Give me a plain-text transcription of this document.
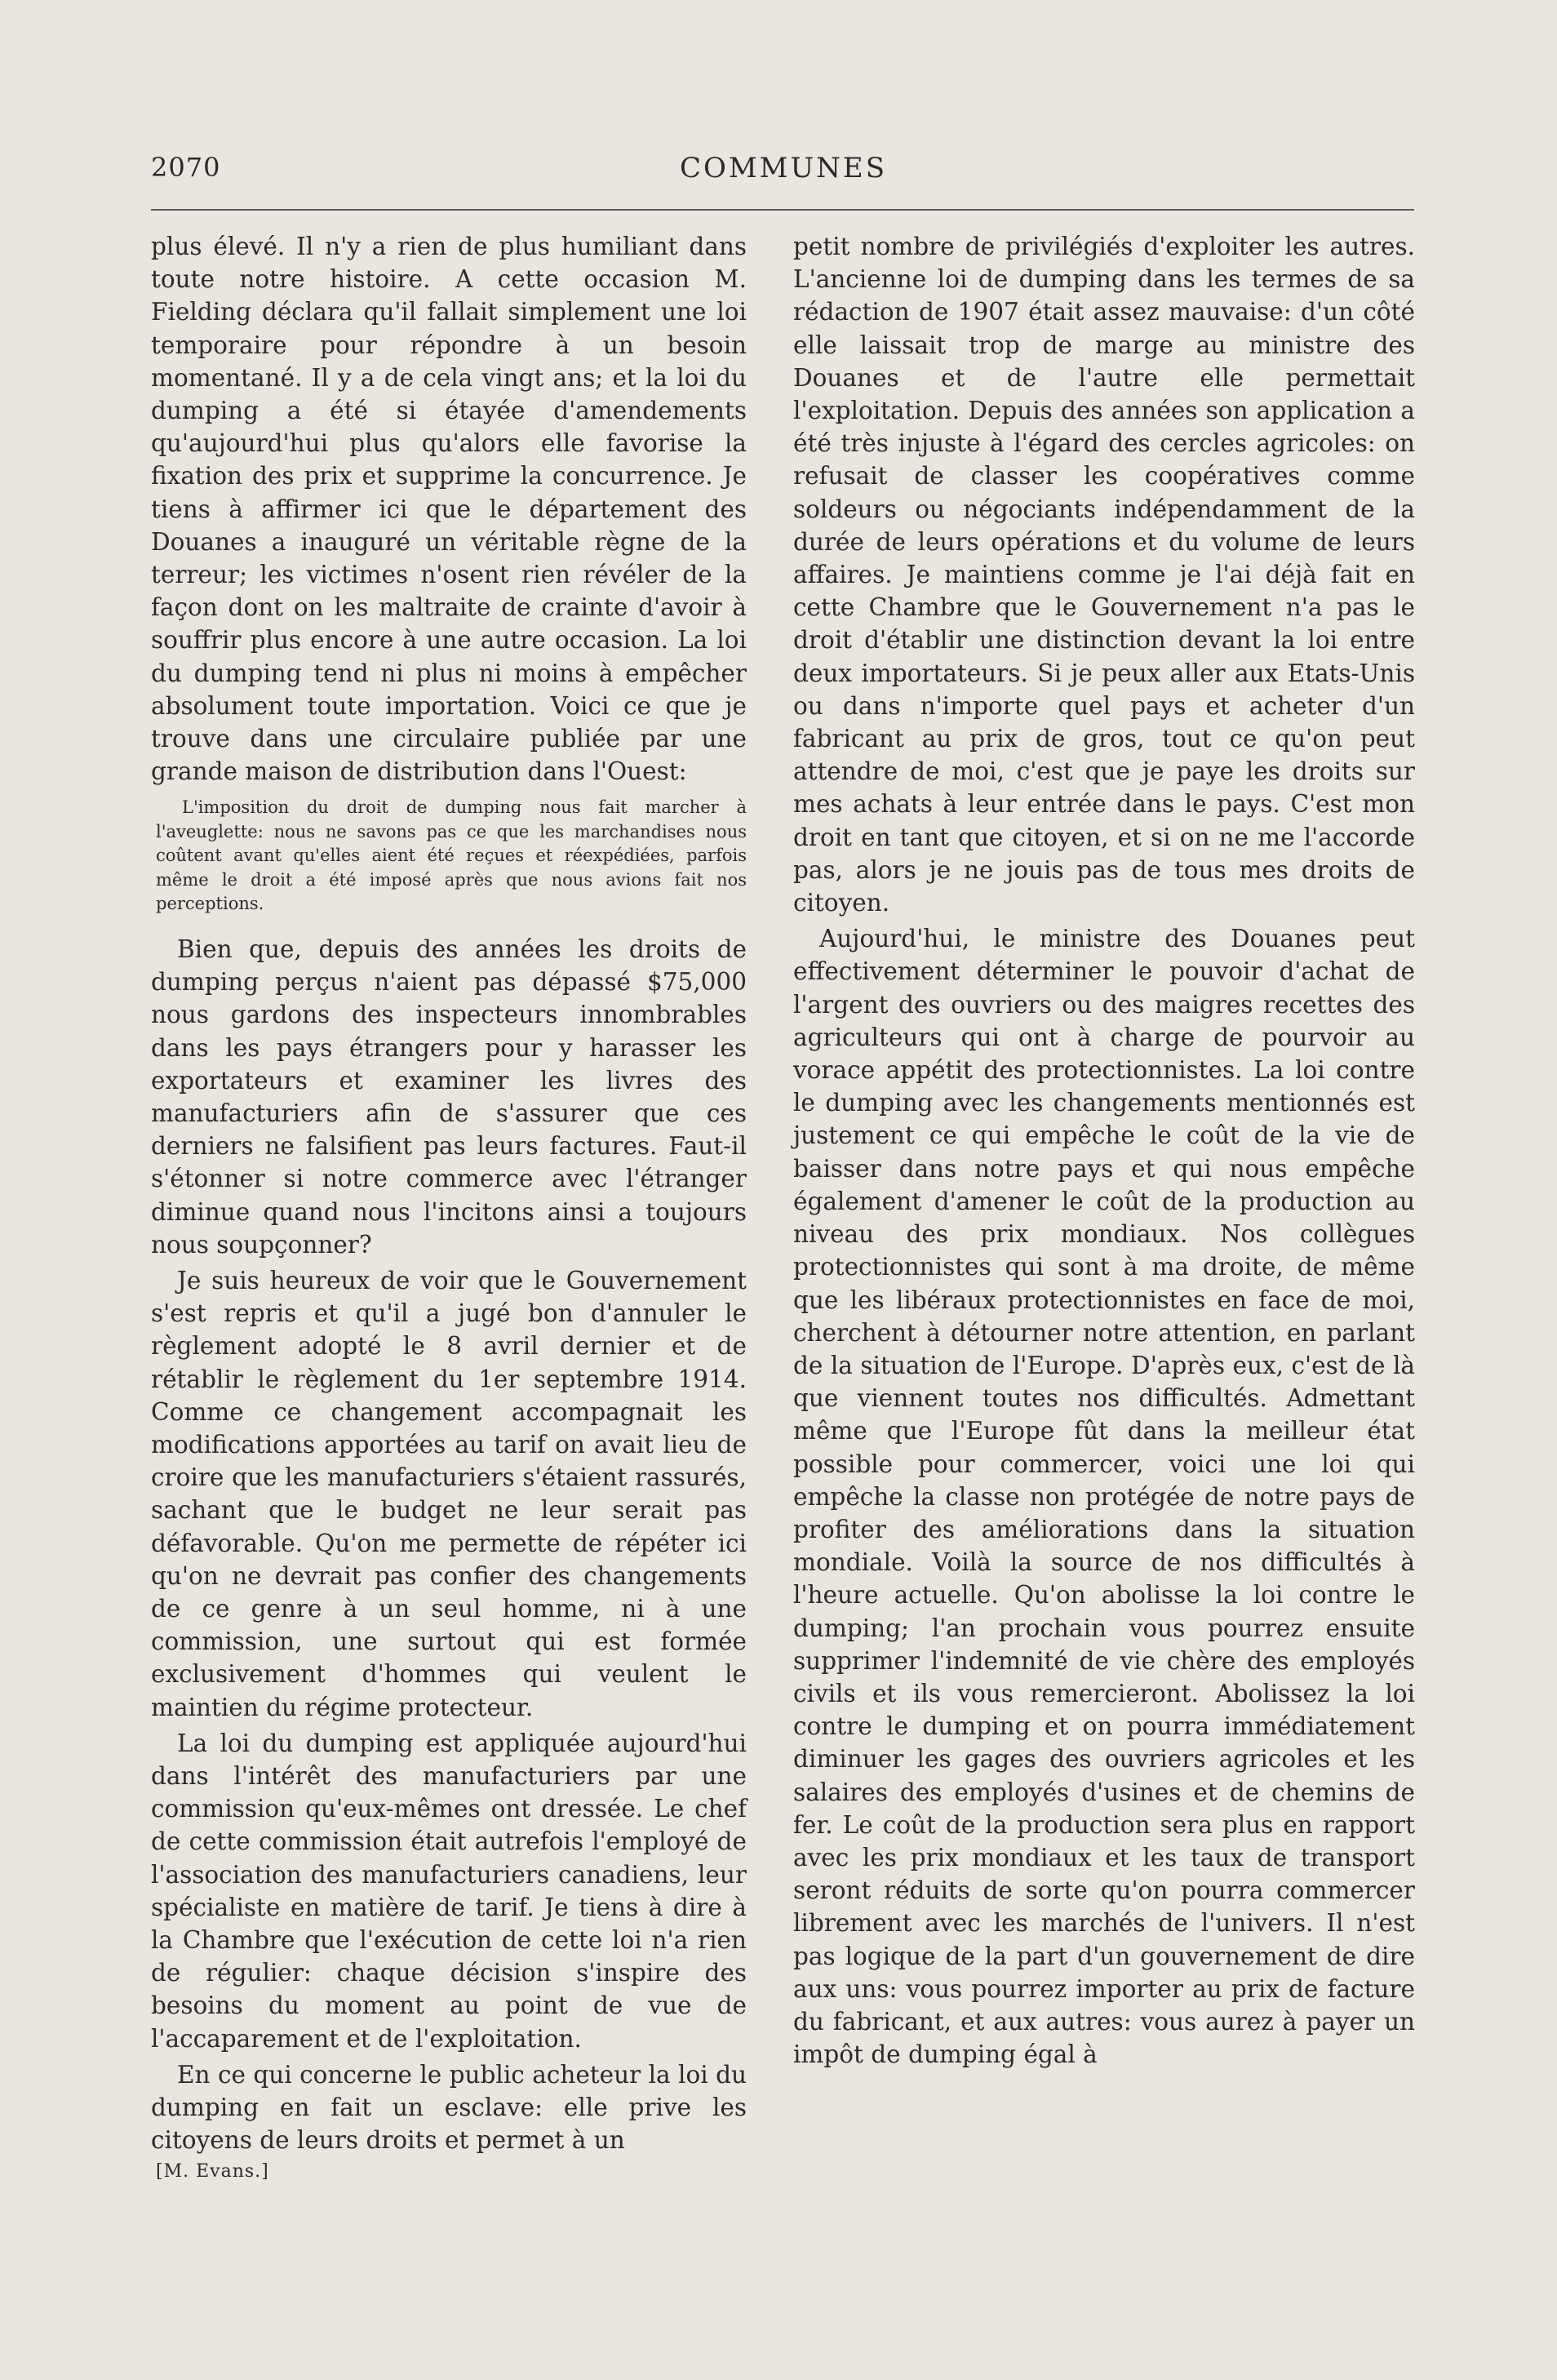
2070	COMMUNES

plus élevé. Il n'y a rien de plus humiliant dans toute notre histoire. A cette occasion M. Fielding déclara qu'il fallait simplement une loi temporaire pour répondre à un besoin momentané. Il y a de cela vingt ans; et la loi du dumping a été si étayée d'amendements qu'aujourd'hui plus qu'alors elle favorise la fixation des prix et supprime la concurrence. Je tiens à affirmer ici que le département des Douanes a inauguré un véritable règne de la terreur; les victimes n'osent rien révéler de la façon dont on les maltraite de crainte d'avoir à souffrir plus encore à une autre occasion. La loi du dumping tend ni plus ni moins à empêcher absolument toute importation. Voici ce que je trouve dans une circulaire publiée par une grande maison de distribution dans l'Ouest:

L'imposition du droit de dumping nous fait marcher à l'aveuglette: nous ne savons pas ce que les marchandises nous coûtent avant qu'elles aient été reçues et réexpédiées, parfois même le droit a été imposé après que nous avions fait nos perceptions.

Bien que, depuis des années les droits de dumping perçus n'aient pas dépassé $75,000 nous gardons des inspecteurs innombrables dans les pays étrangers pour y harasser les exportateurs et examiner les livres des manufacturiers afin de s'assurer que ces derniers ne falsifient pas leurs factures. Faut-il s'étonner si notre commerce avec l'étranger diminue quand nous l'incitons ainsi a toujours nous soupçonner?

Je suis heureux de voir que le Gouvernement s'est repris et qu'il a jugé bon d'annuler le règlement adopté le 8 avril dernier et de rétablir le règlement du 1er septembre 1914. Comme ce changement accompagnait les modifications apportées au tarif on avait lieu de croire que les manufacturiers s'étaient rassurés, sachant que le budget ne leur serait pas défavorable. Qu'on me permette de répéter ici qu'on ne devrait pas confier des changements de ce genre à un seul homme, ni à une commission, une surtout qui est formée exclusivement d'hommes qui veulent le maintien du régime protecteur.

La loi du dumping est appliquée aujourd'hui dans l'intérêt des manufacturiers par une commission qu'eux-mêmes ont dressée. Le chef de cette commission était autrefois l'employé de l'association des manufacturiers canadiens, leur spécialiste en matière de tarif. Je tiens à dire à la Chambre que l'exécution de cette loi n'a rien de régulier: chaque décision s'inspire des besoins du moment au point de vue de l'accaparement et de l'exploitation.

En ce qui concerne le public acheteur la loi du dumping en fait un esclave: elle prive les citoyens de leurs droits et permet à un

[M. Evans.]

petit nombre de privilégiés d'exploiter les autres. L'ancienne loi de dumping dans les termes de sa rédaction de 1907 était assez mauvaise: d'un côté elle laissait trop de marge au ministre des Douanes et de l'autre elle permettait l'exploitation. Depuis des années son application a été très injuste à l'égard des cercles agricoles: on refusait de classer les coopératives comme soldeurs ou négociants indépendamment de la durée de leurs opérations et du volume de leurs affaires. Je maintiens comme je l'ai déjà fait en cette Chambre que le Gouvernement n'a pas le droit d'établir une distinction devant la loi entre deux importateurs. Si je peux aller aux Etats-Unis ou dans n'importe quel pays et acheter d'un fabricant au prix de gros, tout ce qu'on peut attendre de moi, c'est que je paye les droits sur mes achats à leur entrée dans le pays. C'est mon droit en tant que citoyen, et si on ne me l'accorde pas, alors je ne jouis pas de tous mes droits de citoyen.

Aujourd'hui, le ministre des Douanes peut effectivement déterminer le pouvoir d'achat de l'argent des ouvriers ou des maigres recettes des agriculteurs qui ont à charge de pourvoir au vorace appétit des protectionnistes. La loi contre le dumping avec les changements mentionnés est justement ce qui empêche le coût de la vie de baisser dans notre pays et qui nous empêche également d'amener le coût de la production au niveau des prix mondiaux. Nos collègues protectionnistes qui sont à ma droite, de même que les libéraux protectionnistes en face de moi, cherchent à détourner notre attention, en parlant de la situation de l'Europe. D'après eux, c'est de là que viennent toutes nos difficultés. Admettant même que l'Europe fût dans la meilleur état possible pour commercer, voici une loi qui empêche la classe non protégée de notre pays de profiter des améliorations dans la situation mondiale. Voilà la source de nos difficultés à l'heure actuelle. Qu'on abolisse la loi contre le dumping; l'an prochain vous pourrez ensuite supprimer l'indemnité de vie chère des employés civils et ils vous remercieront. Abolissez la loi contre le dumping et on pourra immédiatement diminuer les gages des ouvriers agricoles et les salaires des employés d'usines et de chemins de fer. Le coût de la production sera plus en rapport avec les prix mondiaux et les taux de transport seront réduits de sorte qu'on pourra commercer librement avec les marchés de l'univers. Il n'est pas logique de la part d'un gouvernement de dire aux uns: vous pourrez importer au prix de facture du fabricant, et aux autres: vous aurez à payer un impôt de dumping égal à
